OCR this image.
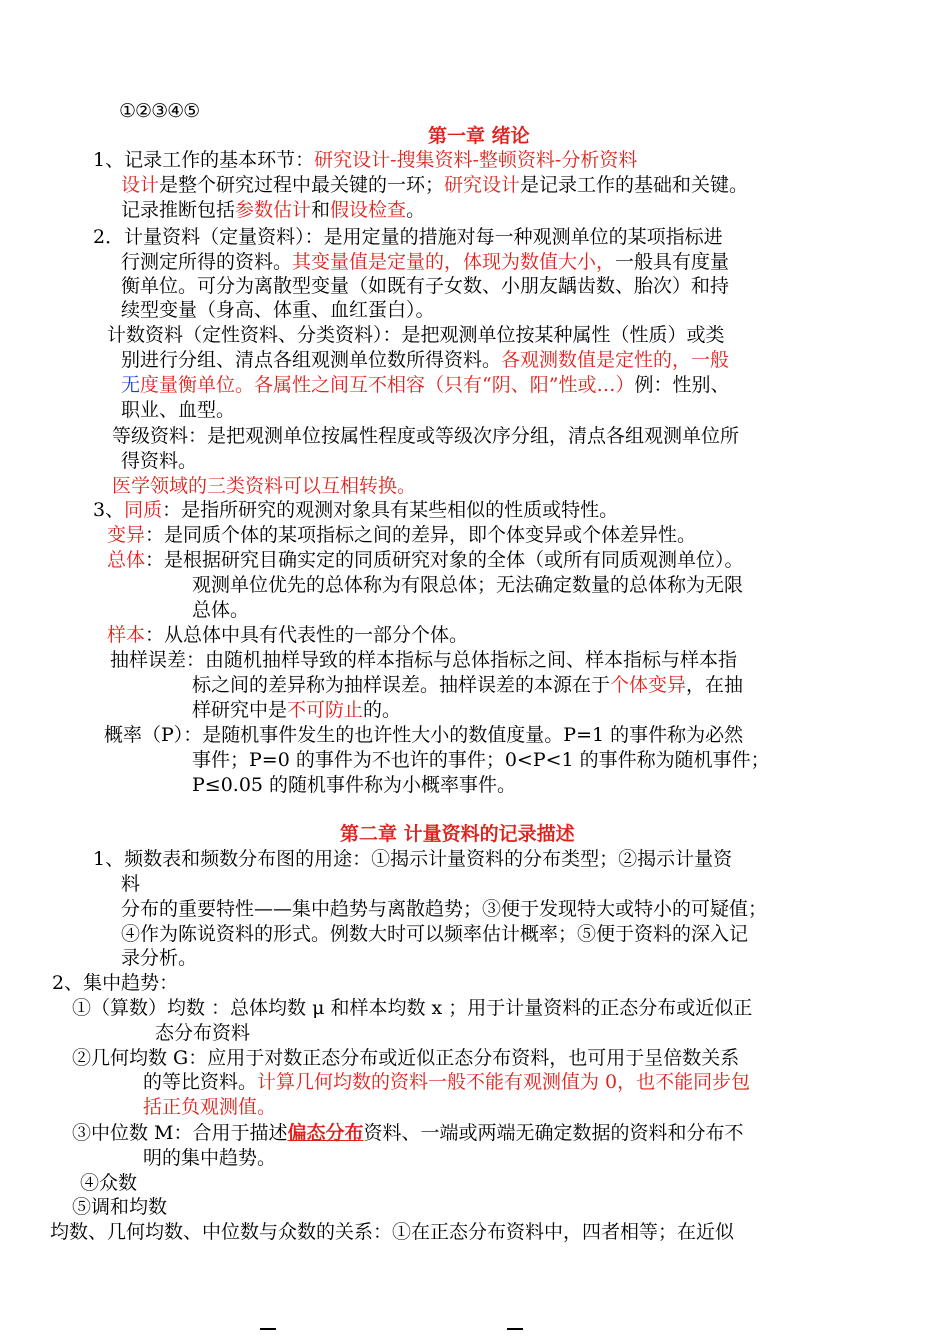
①②③④⑤
第一章 绪论
1、记录工作的基本环节：研究设计-搜集资料-整顿资料-分析资料
设计是整个研究过程中最关键的一环；研究设计是记录工作的基础和关键。
记录推断包括参数估计和假设检查。
2．计量资料（定量资料）：是用定量的措施对每一种观测单位的某项指标进
行测定所得的资料。其变量值是定量的，体现为数值大小，一般具有度量
衡单位。可分为离散型变量（如既有子女数、小朋友龋齿数、胎次）和持
续型变量（身高、体重、血红蛋白）。
计数资料（定性资料、分类资料）：是把观测单位按某种属性（性质）或类
别进行分组、清点各组观测单位数所得资料。各观测数值是定性的，一般
无度量衡单位。各属性之间互不相容（只有“阴、阳”性或…）例：性别、
职业、血型。
等级资料：是把观测单位按属性程度或等级次序分组，清点各组观测单位所
得资料。
医学领域的三类资料可以互相转换。
3、同质：是指所研究的观测对象具有某些相似的性质或特性。
变异：是同质个体的某项指标之间的差异，即个体变异或个体差异性。
总体：是根据研究目确实定的同质研究对象的全体（或所有同质观测单位）。
观测单位优先的总体称为有限总体；无法确定数量的总体称为无限
总体。
样本：从总体中具有代表性的一部分个体。
抽样误差：由随机抽样导致的样本指标与总体指标之间、样本指标与样本指
标之间的差异称为抽样误差。抽样误差的本源在于个体变异，在抽
样研究中是不可防止的。
概率（P）：是随机事件发生的也许性大小的数值度量。P=1 的事件称为必然
事件；P=0 的事件为不也许的事件；0<P<1 的事件称为随机事件；
P≤0.05 的随机事件称为小概率事件。
第二章 计量资料的记录描述
1、频数表和频数分布图的用途：①揭示计量资料的分布类型；②揭示计量资
料
分布的重要特性——集中趋势与离散趋势；③便于发现特大或特小的可疑值；
④作为陈说资料的形式。例数大时可以频率估计概率；⑤便于资料的深入记
录分析。
2、集中趋势：
①（算数）均数 ：总体均数 μ 和样本均数 x ；用于计量资料的正态分布或近似正
态分布资料
②几何均数 G：应用于对数正态分布或近似正态分布资料，也可用于呈倍数关系
的等比资料。计算几何均数的资料一般不能有观测值为 0，也不能同步包
括正负观测值。
③中位数 M：合用于描述偏态分布资料、一端或两端无确定数据的资料和分布不
明的集中趋势。
④众数
⑤调和均数
均数、几何均数、中位数与众数的关系：①在正态分布资料中，四者相等；在近似
